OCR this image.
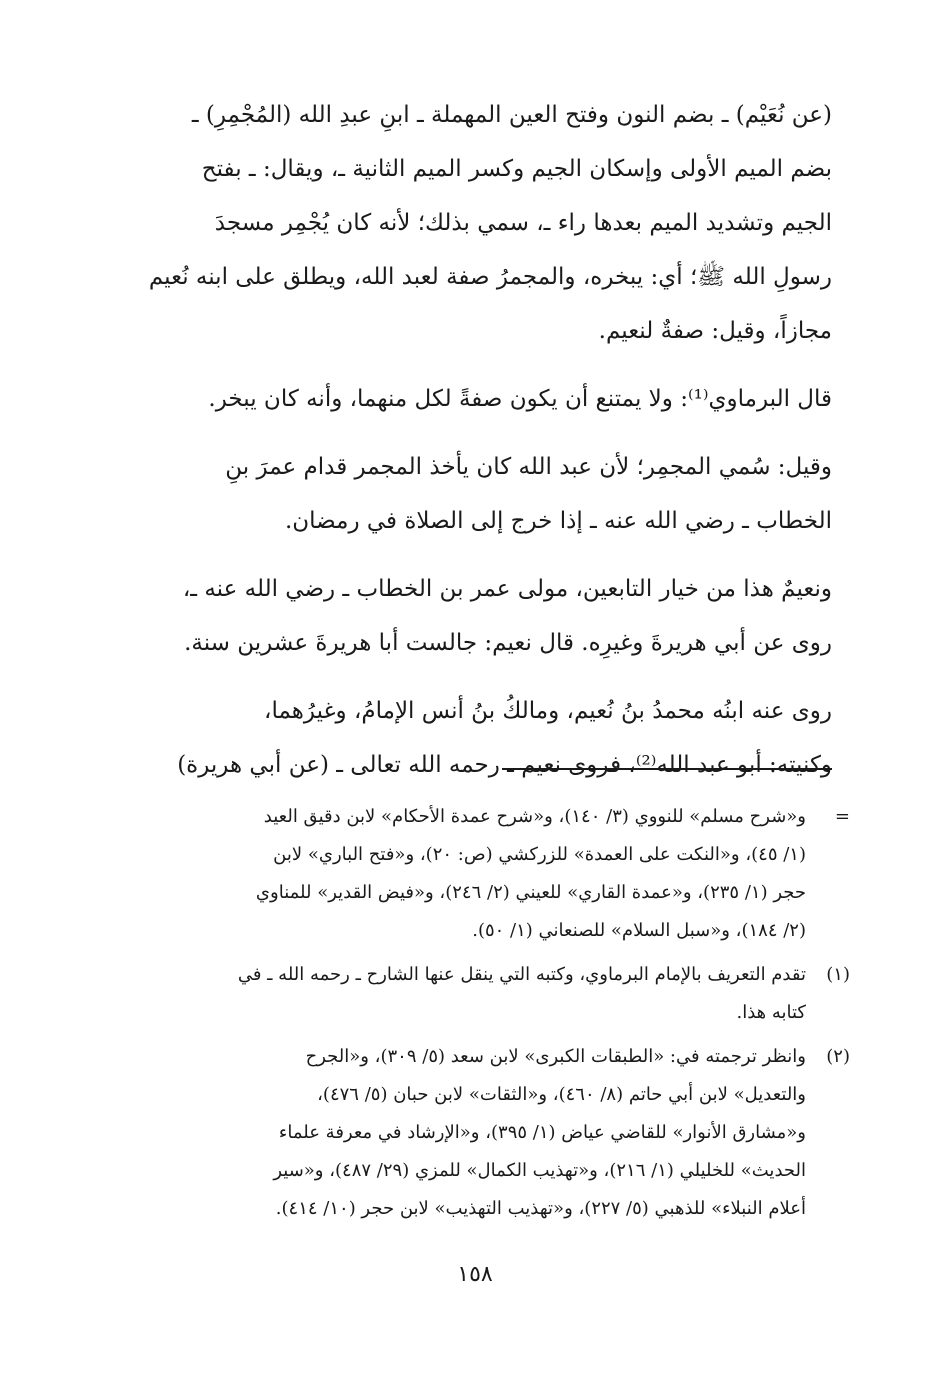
(عن نُعَيْم) ـ بضم النون وفتح العين المهملة ـ ابنِ عبدِ الله (المُجْمِرِ) ـ
بضم الميم الأولى وإسكان الجيم وكسر الميم الثانية ـ، ويقال: ـ بفتح
الجيم وتشديد الميم بعدها راء ـ، سمي بذلك؛ لأنه كان يُجْمِر مسجدَ
رسولِ الله ﷺ؛ أي: يبخره، والمجمرُ صفة لعبد الله، ويطلق على ابنه نُعيم
مجازاً، وقيل: صفةٌ لنعيم.

قال البرماوي⁽¹⁾: ولا يمتنع أن يكون صفةً لكل منهما، وأنه كان يبخر.

وقيل: سُمي المجمِر؛ لأن عبد الله كان يأخذ المجمر قدام عمرَ بنِ
الخطاب ـ رضي الله عنه ـ إذا خرج إلى الصلاة في رمضان.

ونعيمٌ هذا من خيار التابعين، مولى عمر بن الخطاب ـ رضي الله عنه ـ،
روى عن أبي هريرةَ وغيرِه. قال نعيم: جالست أبا هريرةَ عشرين سنة.

روى عنه ابنُه محمدُ بنُ نُعيم، ومالكُ بنُ أنس الإمامُ، وغيرُهما،
وكنيته: أبو عبد الله⁽²⁾، فروى نعيم ـ رحمه الله تعالى ـ (عن أبي هريرة)

=
و«شرح مسلم» للنووي (٣/ ١٤٠)، و«شرح عمدة الأحكام» لابن دقيق العيد
(١/ ٤٥)، و«النكت على العمدة» للزركشي (ص: ٢٠)، و«فتح الباري» لابن
حجر (١/ ٢٣٥)، و«عمدة القاري» للعيني (٢/ ٢٤٦)، و«فيض القدير» للمناوي
(٢/ ١٨٤)، و«سبل السلام» للصنعاني (١/ ٥٠).
(١)
تقدم التعريف بالإمام البرماوي، وكتبه التي ينقل عنها الشارح ـ رحمه الله ـ في
كتابه هذا.
(٢)
وانظر ترجمته في: «الطبقات الكبرى» لابن سعد (٥/ ٣٠٩)، و«الجرح
والتعديل» لابن أبي حاتم (٨/ ٤٦٠)، و«الثقات» لابن حبان (٥/ ٤٧٦)،
و«مشارق الأنوار» للقاضي عياض (١/ ٣٩٥)، و«الإرشاد في معرفة علماء
الحديث» للخليلي (١/ ٢١٦)، و«تهذيب الكمال» للمزي (٢٩/ ٤٨٧)، و«سير
أعلام النبلاء» للذهبي (٥/ ٢٢٧)، و«تهذيب التهذيب» لابن حجر (١٠/ ٤١٤).
١٥٨
